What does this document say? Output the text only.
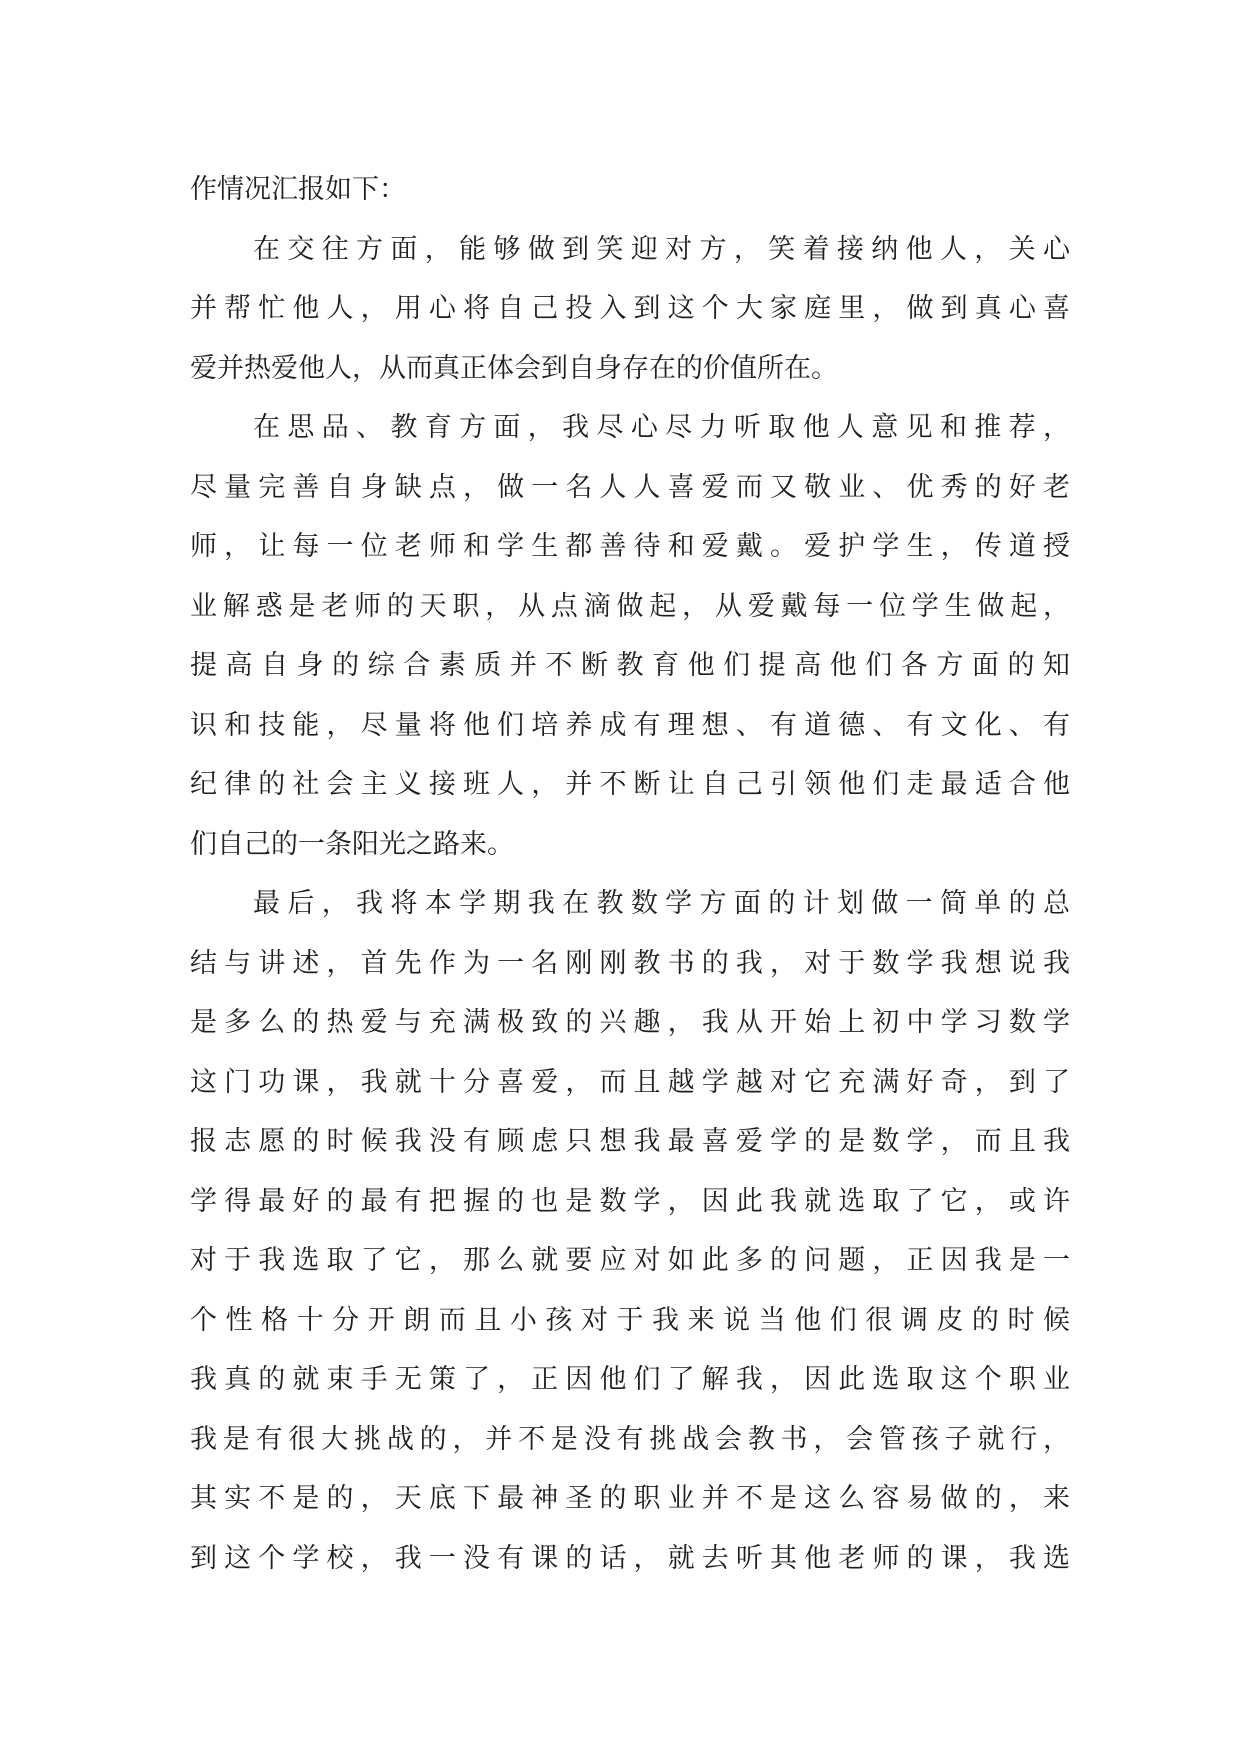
作情况汇报如下：
在交往方面，能够做到笑迎对方，笑着接纳他人，关心
并帮忙他人，用心将自己投入到这个大家庭里，做到真心喜
爱并热爱他人，从而真正体会到自身存在的价值所在。
在思品、教育方面，我尽心尽力听取他人意见和推荐，
尽量完善自身缺点，做一名人人喜爱而又敬业、优秀的好老
师，让每一位老师和学生都善待和爱戴。爱护学生，传道授
业解惑是老师的天职，从点滴做起，从爱戴每一位学生做起，
提高自身的综合素质并不断教育他们提高他们各方面的知
识和技能，尽量将他们培养成有理想、有道德、有文化、有
纪律的社会主义接班人，并不断让自己引领他们走最适合他
们自己的一条阳光之路来。
最后，我将本学期我在教数学方面的计划做一简单的总
结与讲述，首先作为一名刚刚教书的我，对于数学我想说我
是多么的热爱与充满极致的兴趣，我从开始上初中学习数学
这门功课，我就十分喜爱，而且越学越对它充满好奇，到了
报志愿的时候我没有顾虑只想我最喜爱学的是数学，而且我
学得最好的最有把握的也是数学，因此我就选取了它，或许
对于我选取了它，那么就要应对如此多的问题，正因我是一
个性格十分开朗而且小孩对于我来说当他们很调皮的时候
我真的就束手无策了，正因他们了解我，因此选取这个职业
我是有很大挑战的，并不是没有挑战会教书，会管孩子就行，
其实不是的，天底下最神圣的职业并不是这么容易做的，来
到这个学校，我一没有课的话，就去听其他老师的课，我选
